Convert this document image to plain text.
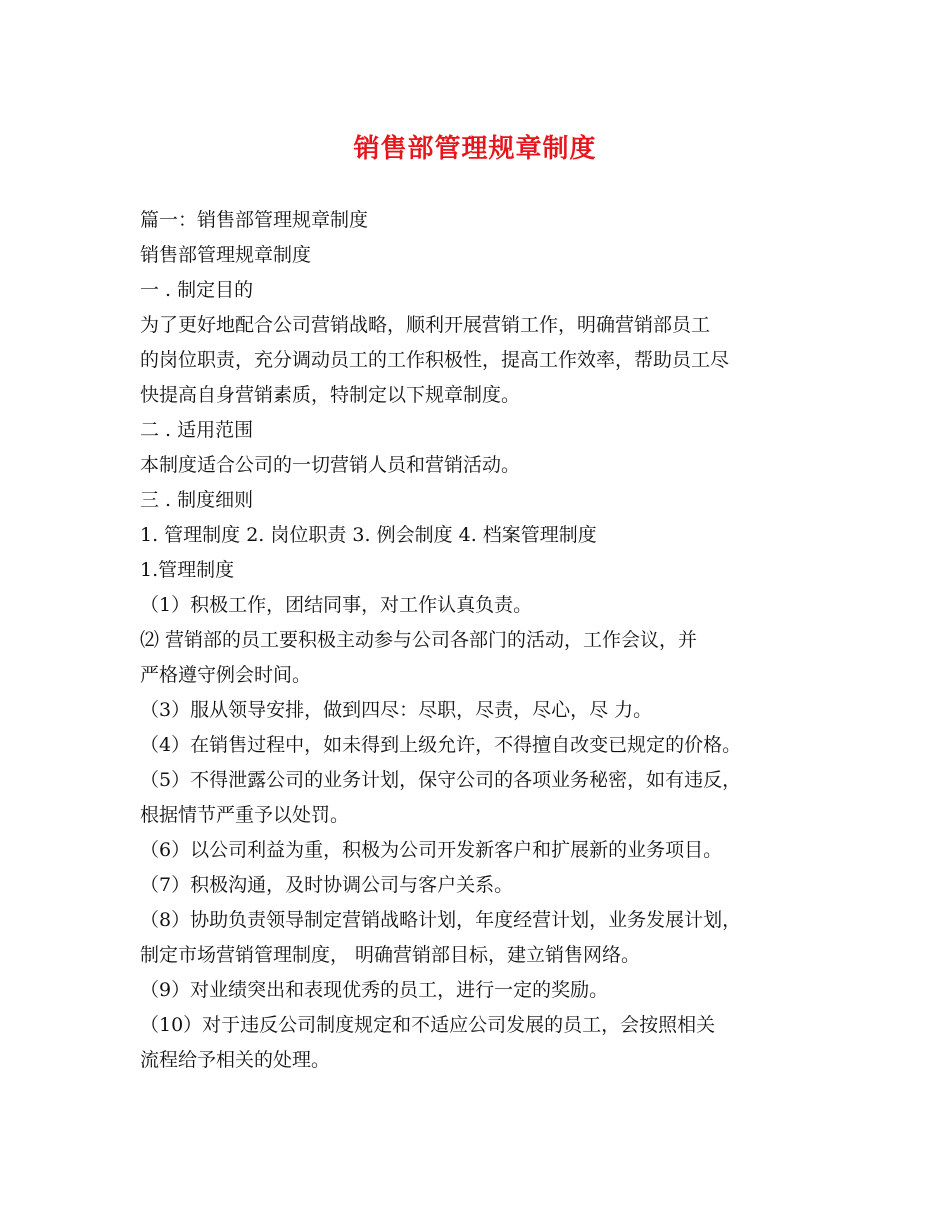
销售部管理规章制度
篇一：销售部管理规章制度
销售部管理规章制度
一 . 制定目的
为了更好地配合公司营销战略，顺利开展营销工作，明确营销部员工
的岗位职责，充分调动员工的工作积极性，提高工作效率，帮助员工尽
快提高自身营销素质，特制定以下规章制度。
二 . 适用范围
本制度适合公司的一切营销人员和营销活动。
三 . 制度细则
1. 管理制度 2. 岗位职责 3. 例会制度 4. 档案管理制度
1.管理制度
（1）积极工作，团结同事，对工作认真负责。
⑵ 营销部的员工要积极主动参与公司各部门的活动，工作会议，并
严格遵守例会时间。
（3）服从领导安排，做到四尽：尽职，尽责，尽心，尽 力。
（4）在销售过程中，如未得到上级允许，不得擅自改变已规定的价格。
（5）不得泄露公司的业务计划，保守公司的各项业务秘密，如有违反，
根据情节严重予以处罚。
（6）以公司利益为重，积极为公司开发新客户和扩展新的业务项目。
（7）积极沟通，及时协调公司与客户关系。
（8）协助负责领导制定营销战略计划，年度经营计划，业务发展计划，
制定市场营销管理制度， 明确营销部目标，建立销售网络。
（9）对业绩突出和表现优秀的员工，进行一定的奖励。
（10）对于违反公司制度规定和不适应公司发展的员工，会按照相关
流程给予相关的处理。
